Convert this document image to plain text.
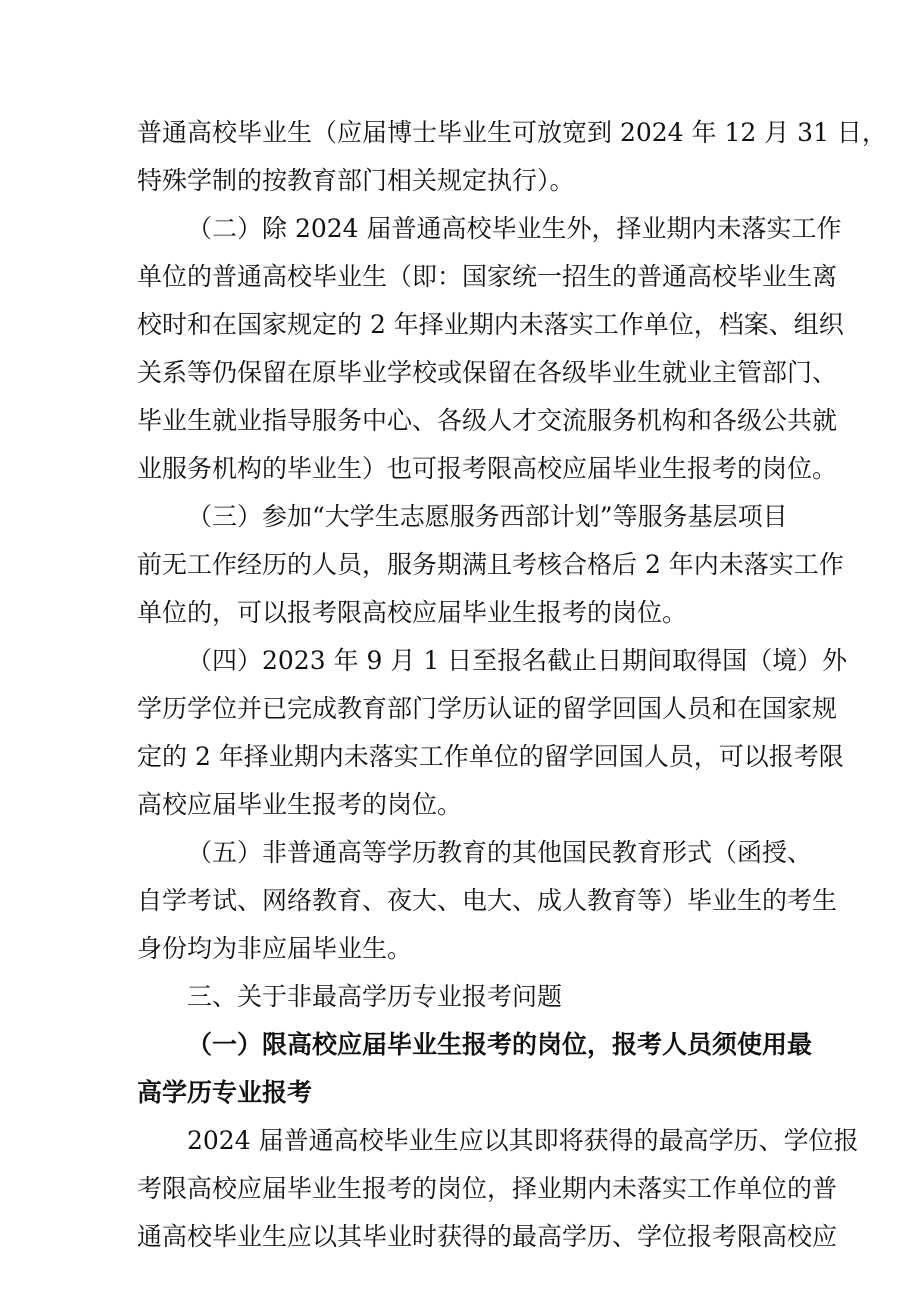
普通高校毕业生（应届博士毕业生可放宽到 2024 年 12 月 31 日，
特殊学制的按教育部门相关规定执行）。
（二）除 2024 届普通高校毕业生外，择业期内未落实工作
单位的普通高校毕业生（即：国家统一招生的普通高校毕业生离
校时和在国家规定的 2 年择业期内未落实工作单位，档案、组织
关系等仍保留在原毕业学校或保留在各级毕业生就业主管部门、
毕业生就业指导服务中心、各级人才交流服务机构和各级公共就
业服务机构的毕业生）也可报考限高校应届毕业生报考的岗位。
（三）参加“大学生志愿服务西部计划”等服务基层项目
前无工作经历的人员，服务期满且考核合格后 2 年内未落实工作
单位的，可以报考限高校应届毕业生报考的岗位。
（四）2023 年 9 月 1 日至报名截止日期间取得国（境）外
学历学位并已完成教育部门学历认证的留学回国人员和在国家规
定的 2 年择业期内未落实工作单位的留学回国人员，可以报考限
高校应届毕业生报考的岗位。
（五）非普通高等学历教育的其他国民教育形式（函授、
自学考试、网络教育、夜大、电大、成人教育等）毕业生的考生
身份均为非应届毕业生。
三、关于非最高学历专业报考问题
（一）限高校应届毕业生报考的岗位，报考人员须使用最
高学历专业报考
2024 届普通高校毕业生应以其即将获得的最高学历、学位报
考限高校应届毕业生报考的岗位，择业期内未落实工作单位的普
通高校毕业生应以其毕业时获得的最高学历、学位报考限高校应
